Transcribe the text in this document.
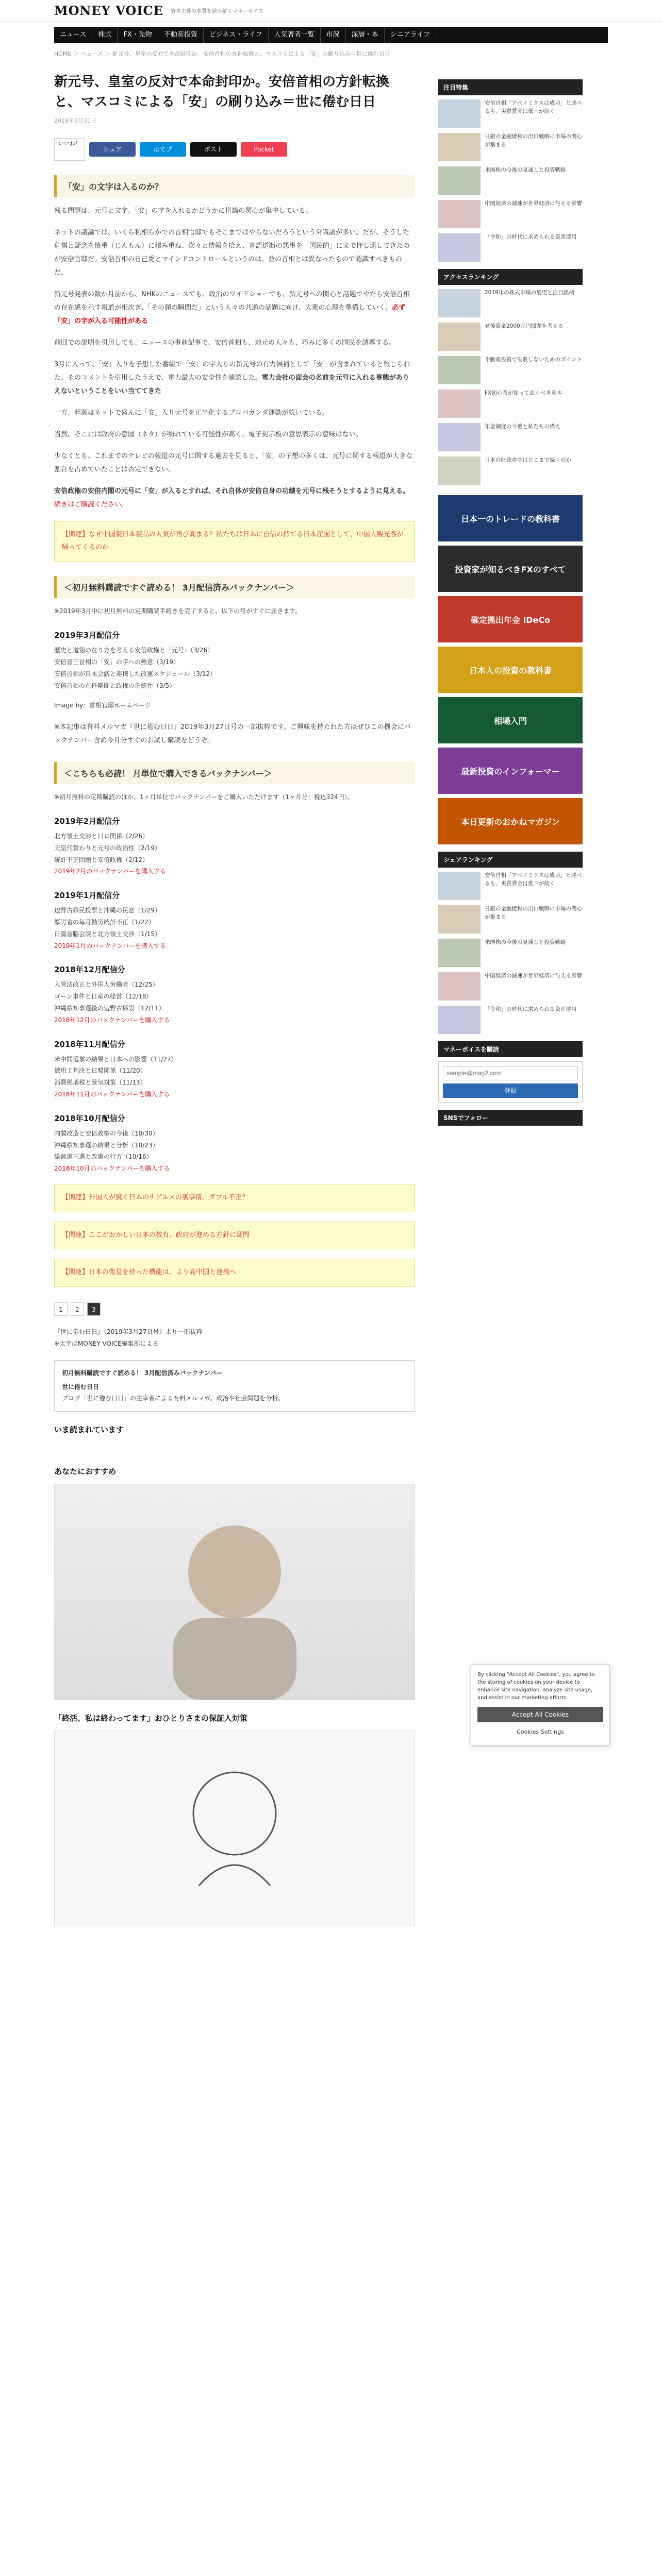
MONEY VOICE 資本主義の本質を読み解くマネーボイス
ニュース	株式	FX・先物	不動産投資	ビジネス・ライフ	人気著者一覧	市況	深層・本	シニアライフ
HOME ＞ ニュース ＞ 新元号、皇室の反対で本命封印か。安倍首相の方針転換と、マスコミによる「安」の刷り込み＝世に倦む日日
新元号、皇室の反対で本命封印か。安倍首相の方針転換と、マスコミによる「安」の刷り込み＝世に倦む日日
2019年3月31日
いいね！
シェア	はてブ	ポスト	Pocket
「安」の文字は入るのか？

残る問題は、元号と文字。「安」の字を入れるかどうかに世論の関心が集中している。

ネットの議論では、いくら私相らかでの首相官邸でもそこまではやらないだろうという常識論が多い。だが、そうした危惧と疑念を慎重（じんもん）に積み重ね、次々と情報を拾え、言語道断の悪事を「国民的」にまで押し通してきたのが安倍官邸だ。安倍首相の自己愛とマインドコントロールというのは、並の首相とは異なったもので認識すべきものだ。

新元号発表の数か月前から、NHKのニュースでも、政治のワイドショーでも、新元号への関心と話題でやたら安倍首相の存在感を示す報道が相次ぎ、「その顔の瞬間だ」という人々の共通の話題に向け、大衆の心理を準備していく。必ず「安」の字が入る可能性がある

前回での説明を引用しても、ニュースの事前記事で、安倍首相も、地元の人々も、巧みに多くの国民を誘導する。

3月に入って、「安」入りを予想した番組で「安」の字入りの新元号の有力候補として「安」が含まれていると報じられた。そのコメントを引用したうえで、電力最大の安全性を確認した。電力会社の面会の名前を元号に入れる事態がありえないということをいい当ててきた

一方、起源はネットで盛んに「安」入り元号を正当化するプロパガンダ運動が続いている。

当然、そこには政府の意図（ネタ）が紛れている可能性が高く、電子掲示板の意思表示の意味はない。

少なくとも、これまでのテレビの報道の元号に関する過去を見ると、「安」の予想の多くは、元号に関する報道が大きな割合を占めていたことは否定できない。

安倍政権の安倍内閣の元号に「安」が入るとすれば、それ自体が安倍自身の功績を元号に残そうとするように見える。続きはご購読ください。

【関連】なぜ中国製日本製品の人気が再び高まる？私たちは日本に自信の持てる日本産国として、中国人観光客が帰ってくるのか
＜初月無料購読ですぐ読める！ 3月配信済みバックナンバー＞

※2019年3月中に初月無料の定期購読手続きを完了すると、以下の号がすぐに届きます。

2019年3月配信分
歴史と道徳の在り方を考える安倍政権と「元号」（3/26）
安倍晋三首相の「安」の字への熱意（3/19）
安倍首相が日本会議と連携した改憲スケジュール（3/12）
安倍首相の在任期間と政権の正統性（3/5）

Image by：首相官邸ホームページ

※本記事は有料メルマガ『世に倦む日日』2019年3月27日号の一部抜粋です。ご興味を持たれた方はぜひこの機会にバックナンバー含め今月分すぐのお試し購読をどうぞ。

＜こちらも必読！ 月単位で購入できるバックナンバー＞

※初月無料の定期購読のほか、1ヶ月単位でバックナンバーをご購入いただけます（1ヶ月分：税込324円）。

2019年2月配信分
北方領土交渉と日ロ関係（2/26）
天皇代替わりと元号の政治性（2/19）
統計不正問題と安倍政権（2/12）
2019年2月のバックナンバーを購入する
2019年1月配信分
辺野古県民投票と沖縄の民意（1/29）
厚労省の毎月勤労統計不正（1/22）
日露首脳会談と北方領土交渉（1/15）
2019年1月のバックナンバーを購入する
2018年12月配信分
入管法改正と外国人労働者（12/25）
ゴーン事件と日産の経営（12/18）
沖縄県知事選後の辺野古移設（12/11）
2018年12月のバックナンバーを購入する
2018年11月配信分
米中間選挙の結果と日本への影響（11/27）
徴用工判決と日韓関係（11/20）
消費税増税と景気対策（11/13）
2018年11月のバックナンバーを購入する
2018年10月配信分
内閣改造と安倍政権の今後（10/30）
沖縄県知事選の結果と分析（10/23）
総裁選三選と改憲の行方（10/16）
2018年10月のバックナンバーを購入する
【関連】外国人が驚く日本のナゲルメの裏事情、ダブル不正？
【関連】ここがおかしい日本の教育、政府が進める方針に疑問
【関連】日本の衛星を持った機能は、より高中国と連携へ
1	2	3

『世に倦む日日』（2019年3月27日号）より一部抜粋

※太字はMONEY VOICE編集部による

初月無料購読ですぐ読める！ 3月配信済みバックナンバー
世に倦む日日
ブログ「世に倦む日日」の主宰者による有料メルマガ。政治や社会問題を分析。
いま読まれています
あなたにおすすめ
「終活、私は終わってます」おひとりさまの保証人対策
注目特集
安倍首相「アベノミクスは成功」と述べるも、実質賃金は低下が続く
日銀の金融緩和の出口戦略に市場の関心が集まる
米国株の今後の見通しと投資戦略
中国経済の減速が世界経済に与える影響
「令和」の時代に求められる資産運用
アクセスランキング
2019年の株式市場の展望と注目銘柄
老後資金2000万円問題を考える
不動産投資で失敗しないためのポイント
FX初心者が知っておくべき基本
年金制度の今後と私たちの備え
日本の財政赤字はどこまで続くのか
日本一のトレードの教科書
投資家が知るべきFXのすべて
確定拠出年金 iDeCo
日本人の投資の教科書
相場入門
最新投資のインフォーマー
本日更新のおかねマガジン
シェアランキング
安倍首相「アベノミクスは成功」と述べるも、実質賃金は低下が続く
日銀の金融緩和の出口戦略に市場の関心が集まる
米国株の今後の見通しと投資戦略
中国経済の減速が世界経済に与える影響
「令和」の時代に求められる資産運用
マネーボイスを購読
sample@mag2.com
登録
SNSでフォロー
By clicking "Accept All Cookies", you agree to the storing of cookies on your device to enhance site navigation, analyze site usage, and assist in our marketing efforts.
Accept All Cookies
Cookies Settings
